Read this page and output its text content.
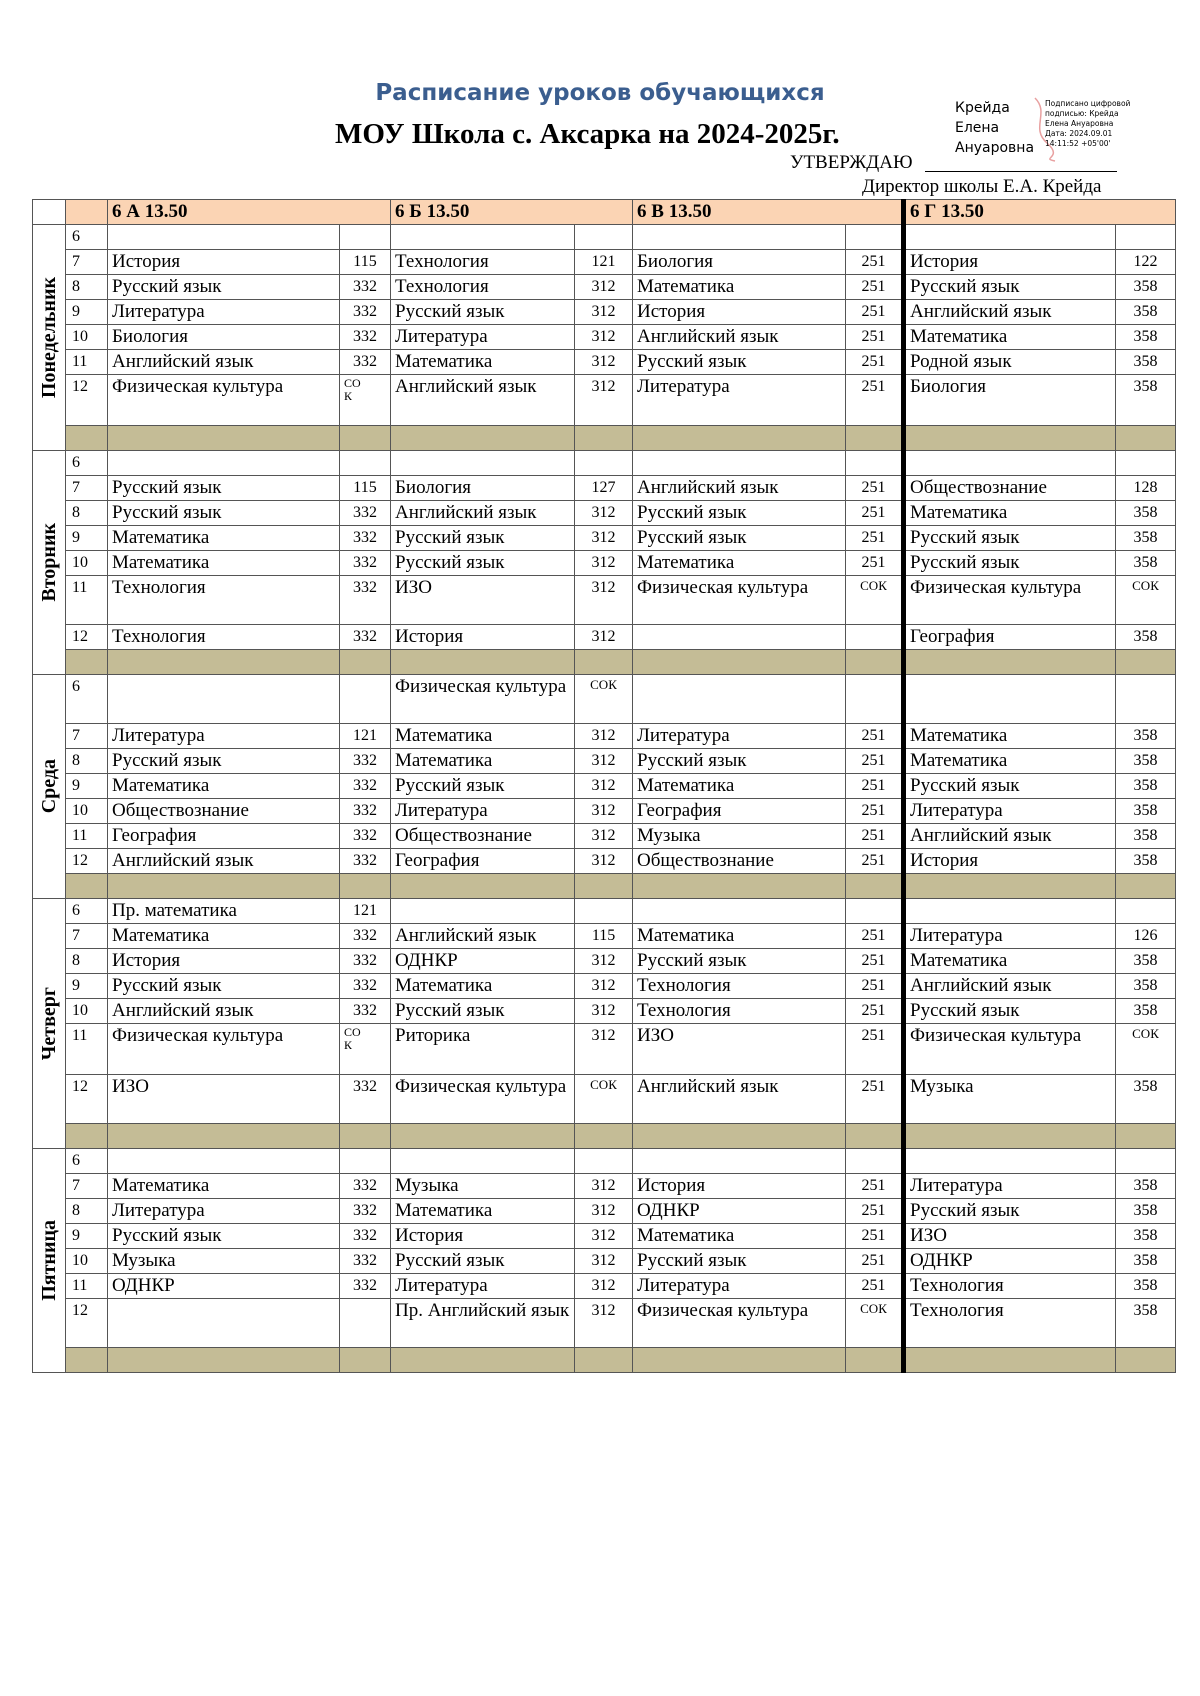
Расписание уроков обучающихся
МОУ Школа с. Аксарка на 2024-2025г.
УТВЕРЖДАЮ
Директор школы Е.А. Крейда
Крейда
Елена
Ануаровна
Подписано цифровой
подписью: Крейда
Елена Ануаровна
Дата: 2024.09.01
14:11:52 +05'00'
		6 А 13.50		6 Б 13.50		6 В 13.50		6 Г 13.50	

Понедельник	6								
	7	История	115	Технология	121	Биология	251	История	122
	8	Русский язык	332	Технология	312	Математика	251	Русский язык	358
	9	Литература	332	Русский язык	312	История	251	Английский язык	358
	10	Биология	332	Литература	312	Английский язык	251	Математика	358
	11	Английский язык	332	Математика	312	Русский язык	251	Родной язык	358
	12	Физическая культура	СО
К	Английский язык	312	Литература	251	Биология	358

Вторник	6								
	7	Русский язык	115	Биология	127	Английский язык	251	Обществознание	128
	8	Русский язык	332	Английский язык	312	Русский язык	251	Математика	358
	9	Математика	332	Русский язык	312	Русский язык	251	Русский язык	358
	10	Математика	332	Русский язык	312	Математика	251	Русский язык	358
	11	Технология	332	ИЗО	312	Физическая культура	СОК	Физическая культура	СОК
	12	Технология	332	История	312			География	358

Среда	6			Физическая культура	СОК				
	7	Литература	121	Математика	312	Литература	251	Математика	358
	8	Русский язык	332	Математика	312	Русский язык	251	Математика	358
	9	Математика	332	Русский язык	312	Математика	251	Русский язык	358
	10	Обществознание	332	Литература	312	География	251	Литература	358
	11	География	332	Обществознание	312	Музыка	251	Английский язык	358
	12	Английский язык	332	География	312	Обществознание	251	История	358

Четверг	6	Пр. математика	121						
	7	Математика	332	Английский язык	115	Математика	251	Литература	126
	8	История	332	ОДНКР	312	Русский язык	251	Математика	358
	9	Русский язык	332	Математика	312	Технология	251	Английский язык	358
	10	Английский язык	332	Русский язык	312	Технология	251	Русский язык	358
	11	Физическая культура	СО
К	Риторика	312	ИЗО	251	Физическая культура	СОК
	12	ИЗО	332	Физическая культура	СОК	Английский язык	251	Музыка	358

Пятница	6								
	7	Математика	332	Музыка	312	История	251	Литература	358
	8	Литература	332	Математика	312	ОДНКР	251	Русский язык	358
	9	Русский язык	332	История	312	Математика	251	ИЗО	358
	10	Музыка	332	Русский язык	312	Русский язык	251	ОДНКР	358
	11	ОДНКР	332	Литература	312	Литература	251	Технология	358
	12			Пр. Английский язык	312	Физическая культура	СОК	Технология	358
